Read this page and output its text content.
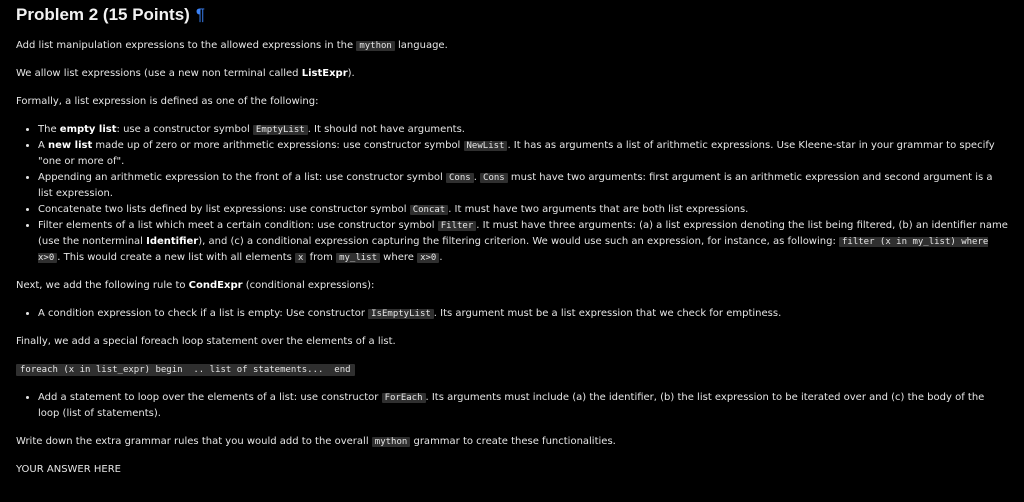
Problem 2 (15 Points) ¶

Add list manipulation expressions to the allowed expressions in the mython language.

We allow list expressions (use a new non terminal called ListExpr).

Formally, a list expression is defined as one of the following:

• The empty list: use a constructor symbol EmptyList . It should not have arguments.
• A new list made up of zero or more arithmetic expressions: use constructor symbol NewList . It has as arguments a list of arithmetic expressions. Use Kleene-star in your grammar to specify "one or more of".
• Appending an arithmetic expression to the front of a list: use constructor symbol Cons . Cons must have two arguments: first argument is an arithmetic expression and second argument is a list expression.
• Concatenate two lists defined by list expressions: use constructor symbol Concat . It must have two arguments that are both list expressions.
• Filter elements of a list which meet a certain condition: use constructor symbol Filter . It must have three arguments: (a) a list expression denoting the list being filtered, (b) an identifier name (use the nonterminal Identifier), and (c) a conditional expression capturing the filtering criterion. We would use such an expression, for instance, as following: filter (x in my_list) where x>0 . This would create a new list with all elements x from my_list where x>0 .

Next, we add the following rule to CondExpr (conditional expressions):

• A condition expression to check if a list is empty: Use constructor IsEmptyList . Its argument must be a list expression that we check for emptiness.

Finally, we add a special foreach loop statement over the elements of a list.

foreach (x in list_expr) begin  .. list of statements...  end
• Add a statement to loop over the elements of a list: use constructor ForEach . Its arguments must include (a) the identifier, (b) the list expression to be iterated over and (c) the body of the loop (list of statements).

Write down the extra grammar rules that you would add to the overall mython grammar to create these functionalities.

YOUR ANSWER HERE
